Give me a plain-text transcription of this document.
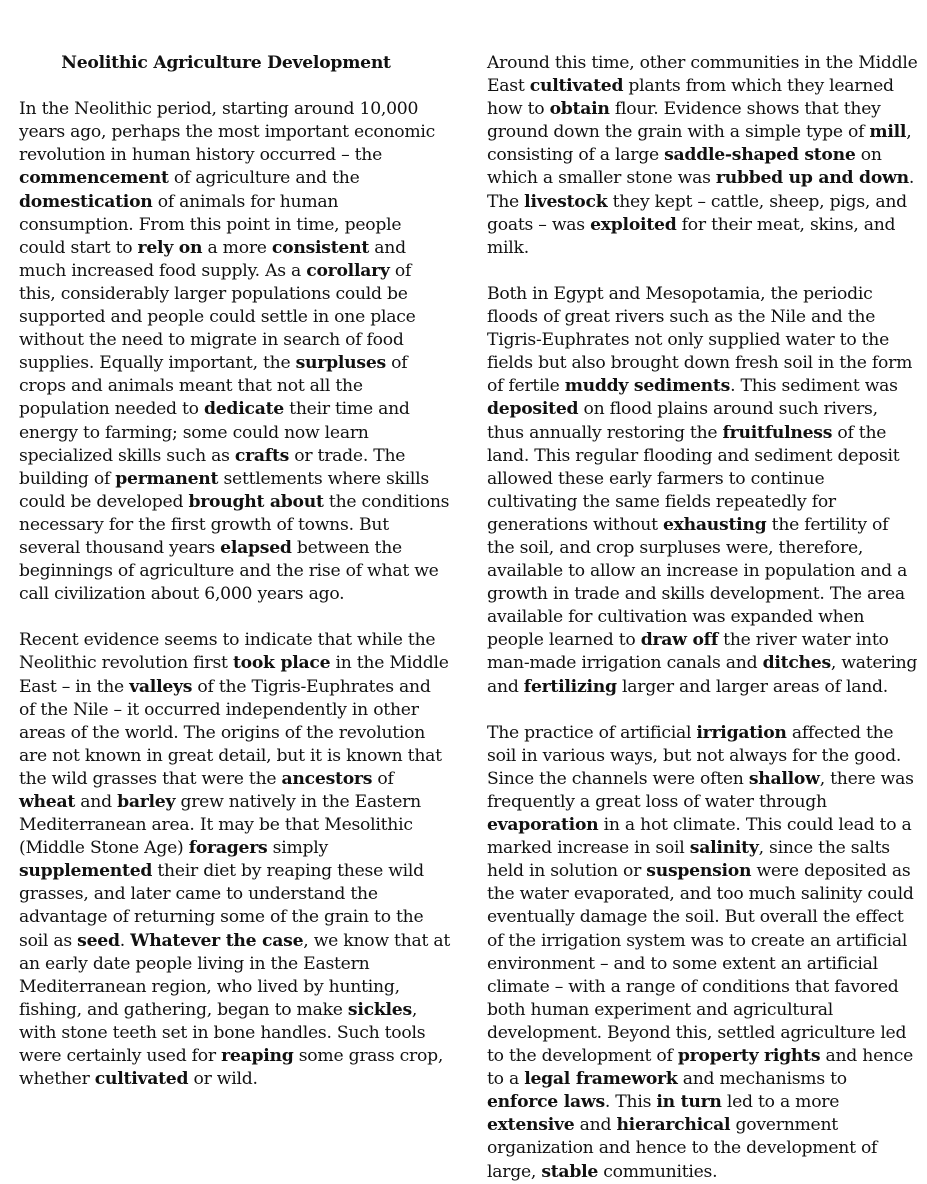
Neolithic Agriculture Development

In the Neolithic period, starting around 10,000 years ago, perhaps the most important economic revolution in human history occurred – the commencement of agriculture and the domestication of animals for human consumption. From this point in time, people could start to rely on a more consistent and much increased food supply. As a corollary of this, considerably larger populations could be supported and people could settle in one place without the need to migrate in search of food supplies. Equally important, the surpluses of crops and animals meant that not all the population needed to dedicate their time and energy to farming; some could now learn specialized skills such as crafts or trade. The building of permanent settlements where skills could be developed brought about the conditions necessary for the first growth of towns. But several thousand years elapsed between the beginnings of agriculture and the rise of what we call civilization about 6,000 years ago.

Recent evidence seems to indicate that while the Neolithic revolution first took place in the Middle East – in the valleys of the Tigris-Euphrates and of the Nile – it occurred independently in other areas of the world. The origins of the revolution are not known in great detail, but it is known that the wild grasses that were the ancestors of wheat and barley grew natively in the Eastern Mediterranean area. It may be that Mesolithic (Middle Stone Age) foragers simply supplemented their diet by reaping these wild grasses, and later came to understand the advantage of returning some of the grain to the soil as seed. Whatever the case, we know that at an early date people living in the Eastern Mediterranean region, who lived by hunting, fishing, and gathering, began to make sickles, with stone teeth set in bone handles. Such tools were certainly used for reaping some grass crop, whether cultivated or wild.

Around this time, other communities in the Middle East cultivated plants from which they learned how to obtain flour. Evidence shows that they ground down the grain with a simple type of mill, consisting of a large saddle-shaped stone on which a smaller stone was rubbed up and down. The livestock they kept – cattle, sheep, pigs, and goats – was exploited for their meat, skins, and milk.

Both in Egypt and Mesopotamia, the periodic floods of great rivers such as the Nile and the Tigris-Euphrates not only supplied water to the fields but also brought down fresh soil in the form of fertile muddy sediments. This sediment was deposited on flood plains around such rivers, thus annually restoring the fruitfulness of the land. This regular flooding and sediment deposit allowed these early farmers to continue cultivating the same fields repeatedly for generations without exhausting the fertility of the soil, and crop surpluses were, therefore, available to allow an increase in population and a growth in trade and skills development. The area available for cultivation was expanded when people learned to draw off the river water into man-made irrigation canals and ditches, watering and fertilizing larger and larger areas of land.

The practice of artificial irrigation affected the soil in various ways, but not always for the good. Since the channels were often shallow, there was frequently a great loss of water through evaporation in a hot climate. This could lead to a marked increase in soil salinity, since the salts held in solution or suspension were deposited as the water evaporated, and too much salinity could eventually damage the soil. But overall the effect of the irrigation system was to create an artificial environment – and to some extent an artificial climate – with a range of conditions that favored both human experiment and agricultural development. Beyond this, settled agriculture led to the development of property rights and hence to a legal framework and mechanisms to enforce laws. This in turn led to a more extensive and hierarchical government organization and hence to the development of large, stable communities.
